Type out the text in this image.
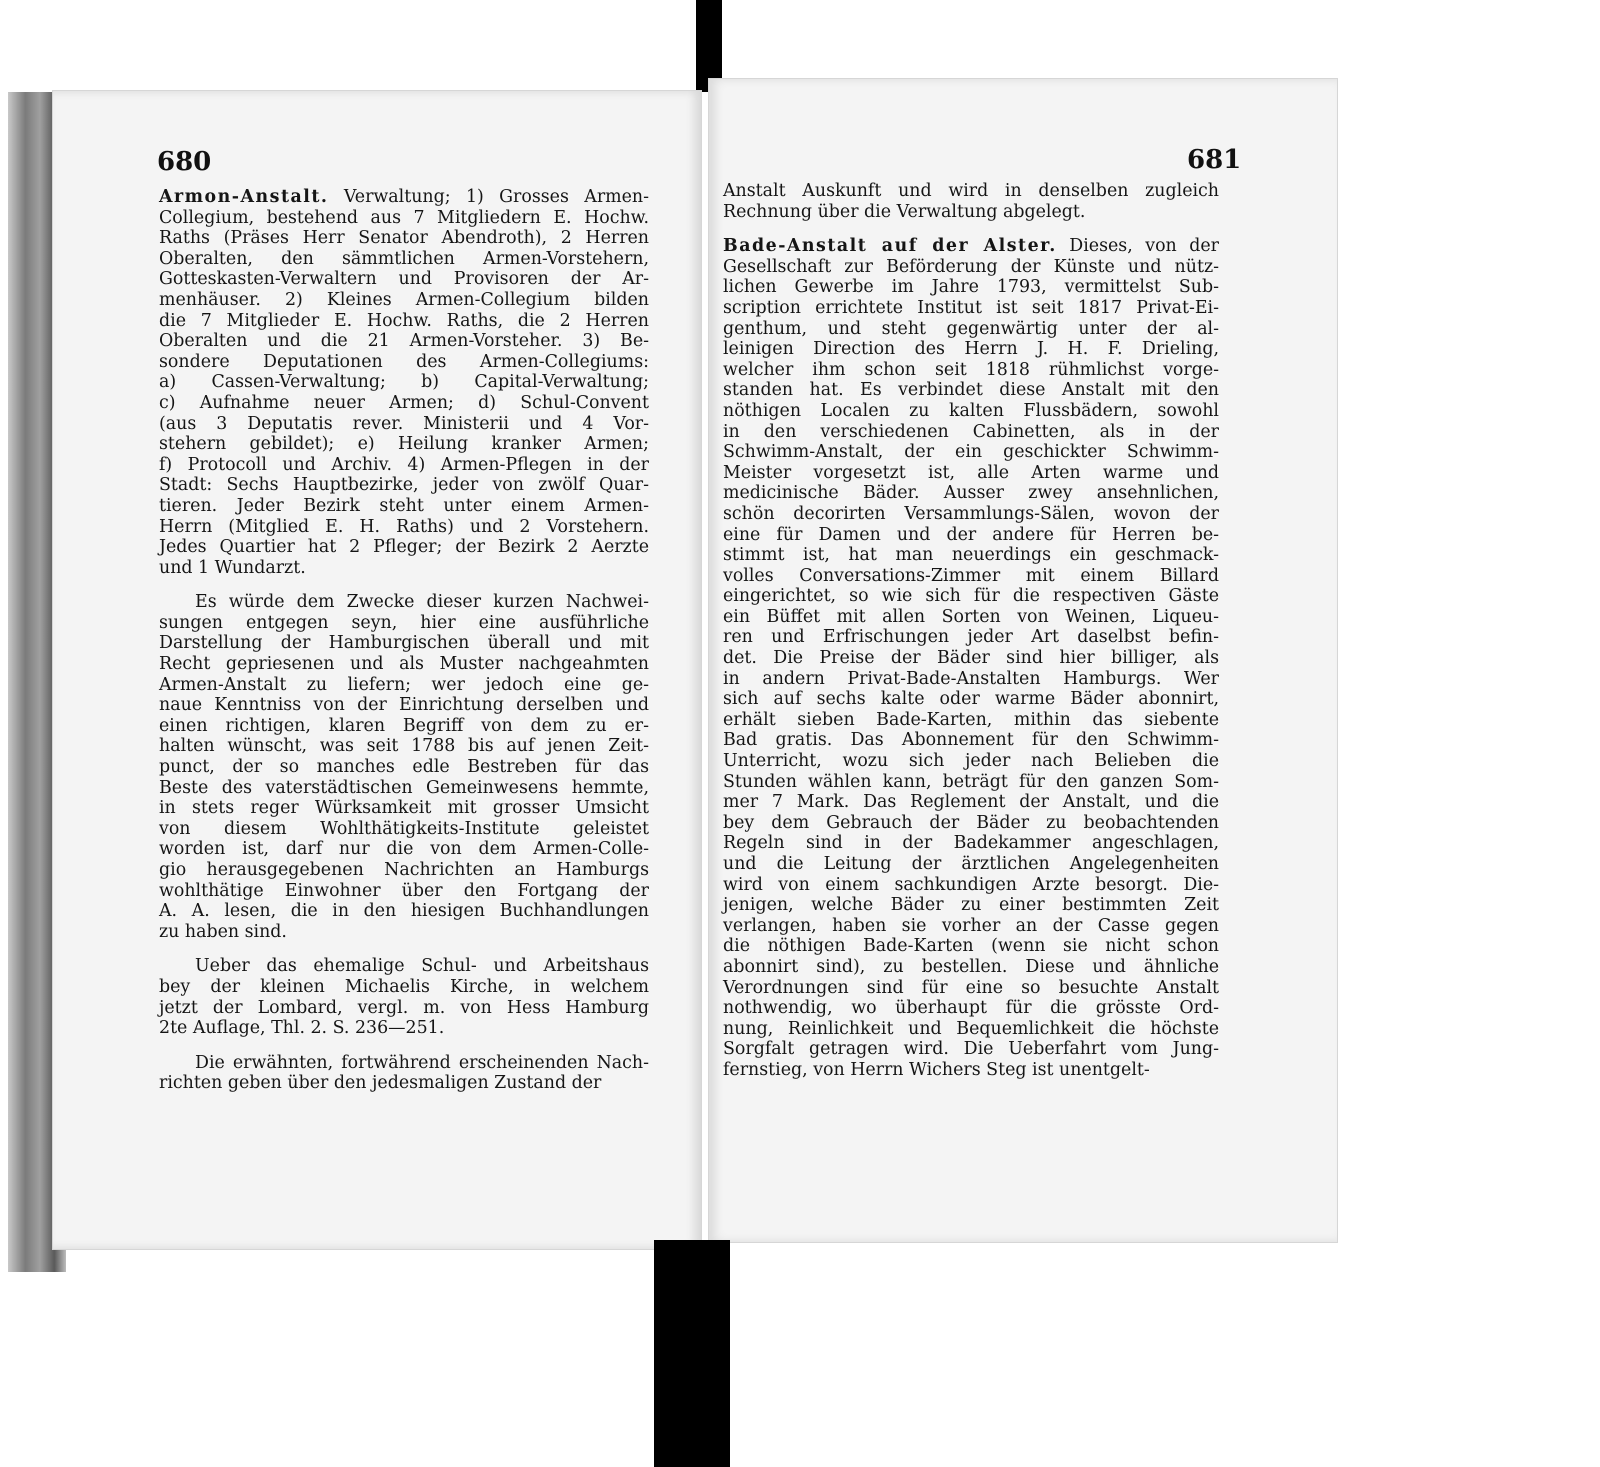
680
Armon-Anstalt. Verwaltung; 1) Grosses Armen-
Collegium, bestehend aus 7 Mitgliedern E. Hochw.
Raths (Präses Herr Senator Abendroth), 2 Herren
Oberalten, den sämmtlichen Armen-Vorstehern,
Gotteskasten-Verwaltern und Provisoren der Ar-
menhäuser. 2) Kleines Armen-Collegium bilden
die 7 Mitglieder E. Hochw. Raths, die 2 Herren
Oberalten und die 21 Armen-Vorsteher. 3) Be-
sondere Deputationen des Armen-Collegiums:
a) Cassen-Verwaltung; b) Capital-Verwaltung;
c) Aufnahme neuer Armen; d) Schul-Convent
(aus 3 Deputatis rever. Ministerii und 4 Vor-
stehern gebildet); e) Heilung kranker Armen;
f) Protocoll und Archiv. 4) Armen-Pflegen in der
Stadt: Sechs Hauptbezirke, jeder von zwölf Quar-
tieren. Jeder Bezirk steht unter einem Armen-
Herrn (Mitglied E. H. Raths) und 2 Vorstehern.
Jedes Quartier hat 2 Pfleger; der Bezirk 2 Aerzte
und 1 Wundarzt.
Es würde dem Zwecke dieser kurzen Nachwei-
sungen entgegen seyn, hier eine ausführliche
Darstellung der Hamburgischen überall und mit
Recht gepriesenen und als Muster nachgeahmten
Armen-Anstalt zu liefern; wer jedoch eine ge-
naue Kenntniss von der Einrichtung derselben und
einen richtigen, klaren Begriff von dem zu er-
halten wünscht, was seit 1788 bis auf jenen Zeit-
punct, der so manches edle Bestreben für das
Beste des vaterstädtischen Gemeinwesens hemmte,
in stets reger Würksamkeit mit grosser Umsicht
von diesem Wohlthätigkeits-Institute geleistet
worden ist, darf nur die von dem Armen-Colle-
gio herausgegebenen Nachrichten an Hamburgs
wohlthätige Einwohner über den Fortgang der
A. A. lesen, die in den hiesigen Buchhandlungen
zu haben sind.
Ueber das ehemalige Schul- und Arbeitshaus
bey der kleinen Michaelis Kirche, in welchem
jetzt der Lombard, vergl. m. von Hess Hamburg
2te Auflage, Thl. 2. S. 236—251.
Die erwähnten, fortwährend erscheinenden Nach-
richten geben über den jedesmaligen Zustand der
681
Anstalt Auskunft und wird in denselben zugleich
Rechnung über die Verwaltung abgelegt.
Bade-Anstalt auf der Alster. Dieses, von der
Gesellschaft zur Beförderung der Künste und nütz-
lichen Gewerbe im Jahre 1793, vermittelst Sub-
scription errichtete Institut ist seit 1817 Privat-Ei-
genthum, und steht gegenwärtig unter der al-
leinigen Direction des Herrn J. H. F. Drieling,
welcher ihm schon seit 1818 rühmlichst vorge-
standen hat. Es verbindet diese Anstalt mit den
nöthigen Localen zu kalten Flussbädern, sowohl
in den verschiedenen Cabinetten, als in der
Schwimm-Anstalt, der ein geschickter Schwimm-
Meister vorgesetzt ist, alle Arten warme und
medicinische Bäder. Ausser zwey ansehnlichen,
schön decorirten Versammlungs-Sälen, wovon der
eine für Damen und der andere für Herren be-
stimmt ist, hat man neuerdings ein geschmack-
volles Conversations-Zimmer mit einem Billard
eingerichtet, so wie sich für die respectiven Gäste
ein Büffet mit allen Sorten von Weinen, Liqueu-
ren und Erfrischungen jeder Art daselbst befin-
det. Die Preise der Bäder sind hier billiger, als
in andern Privat-Bade-Anstalten Hamburgs. Wer
sich auf sechs kalte oder warme Bäder abonnirt,
erhält sieben Bade-Karten, mithin das siebente
Bad gratis. Das Abonnement für den Schwimm-
Unterricht, wozu sich jeder nach Belieben die
Stunden wählen kann, beträgt für den ganzen Som-
mer 7 Mark. Das Reglement der Anstalt, und die
bey dem Gebrauch der Bäder zu beobachtenden
Regeln sind in der Badekammer angeschlagen,
und die Leitung der ärztlichen Angelegenheiten
wird von einem sachkundigen Arzte besorgt. Die-
jenigen, welche Bäder zu einer bestimmten Zeit
verlangen, haben sie vorher an der Casse gegen
die nöthigen Bade-Karten (wenn sie nicht schon
abonnirt sind), zu bestellen. Diese und ähnliche
Verordnungen sind für eine so besuchte Anstalt
nothwendig, wo überhaupt für die grösste Ord-
nung, Reinlichkeit und Bequemlichkeit die höchste
Sorgfalt getragen wird. Die Ueberfahrt vom Jung-
fernstieg, von Herrn Wichers Steg ist unentgelt-
